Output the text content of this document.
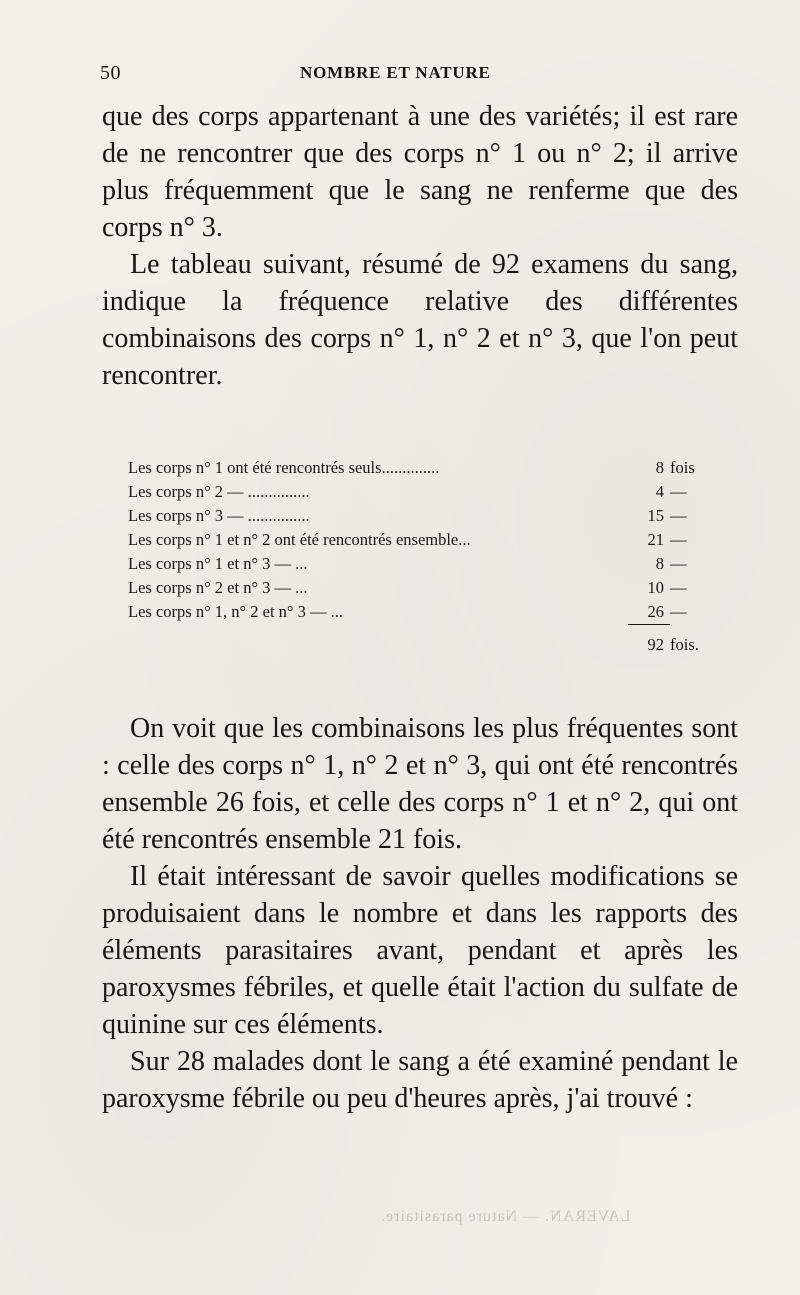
50	NOMBRE ET NATURE

que des corps appartenant à une des variétés; il est rare de ne rencontrer que des corps n° 1 ou n° 2; il arrive plus fréquemment que le sang ne renferme que des corps n° 3.

Le tableau suivant, résumé de 92 examens du sang, indique la fréquence relative des différentes combinaisons des corps n° 1, n° 2 et n° 3, que l'on peut rencontrer.

Les corps n° 1 ont été rencontrés seuls..............	8	fois
Les corps n° 2 — ...............	4	—
Les corps n° 3 — ...............	15	—
Les corps n° 1 et n° 2 ont été rencontrés ensemble...	21	—
Les corps n° 1 et n° 3 — ...	8	—
Les corps n° 2 et n° 3 — ...	10	—
Les corps n° 1, n° 2 et n° 3 — ...	26	—
	92	fois.

On voit que les combinaisons les plus fréquentes sont : celle des corps n° 1, n° 2 et n° 3, qui ont été rencontrés ensemble 26 fois, et celle des corps n° 1 et n° 2, qui ont été rencontrés ensemble 21 fois.

Il était intéressant de savoir quelles modifications se produisaient dans le nombre et dans les rapports des éléments parasitaires avant, pendant et après les paroxysmes fébriles, et quelle était l'action du sulfate de quinine sur ces éléments.

Sur 28 malades dont le sang a été examiné pendant le paroxysme fébrile ou peu d'heures après, j'ai trouvé :

LAVERAN. — Nature parasitaire.
